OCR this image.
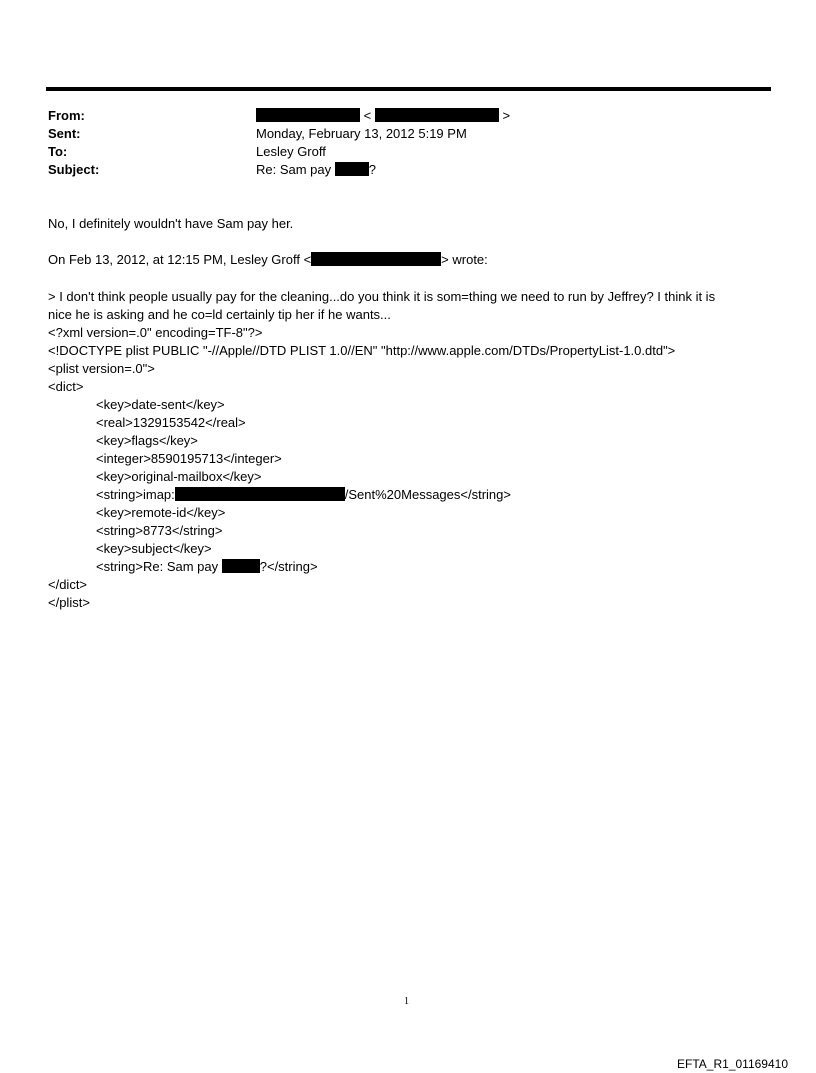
From:	<	>
Sent:	Monday, February 13, 2012 5:19 PM
To:	Lesley Groff
Subject:	Re: Sam pay	?
No, I definitely wouldn't have Sam pay her.
On Feb 13, 2012, at 12:15 PM, Lesley Groff <	> wrote:
> I don't think people usually pay for the cleaning...do you think it is som=thing we need to run by Jeffrey? I think it is
nice he is asking and he co=ld certainly tip her if he wants...
<?xml version=.0" encoding=TF-8"?>
<!DOCTYPE plist PUBLIC "-//Apple//DTD PLIST 1.0//EN" "http://www.apple.com/DTDs/PropertyList-1.0.dtd">
<plist version=.0">
<dict>
<key>date-sent</key>
<real>1329153542</real>
<key>flags</key>
<integer>8590195713</integer>
<key>original-mailbox</key>
<string>imap:	/Sent%20Messages</string>
<key>remote-id</key>
<string>8773</string>
<key>subject</key>
<string>Re: Sam pay	?</string>
</dict>
</plist>
1
EFTA_R1_01169410
